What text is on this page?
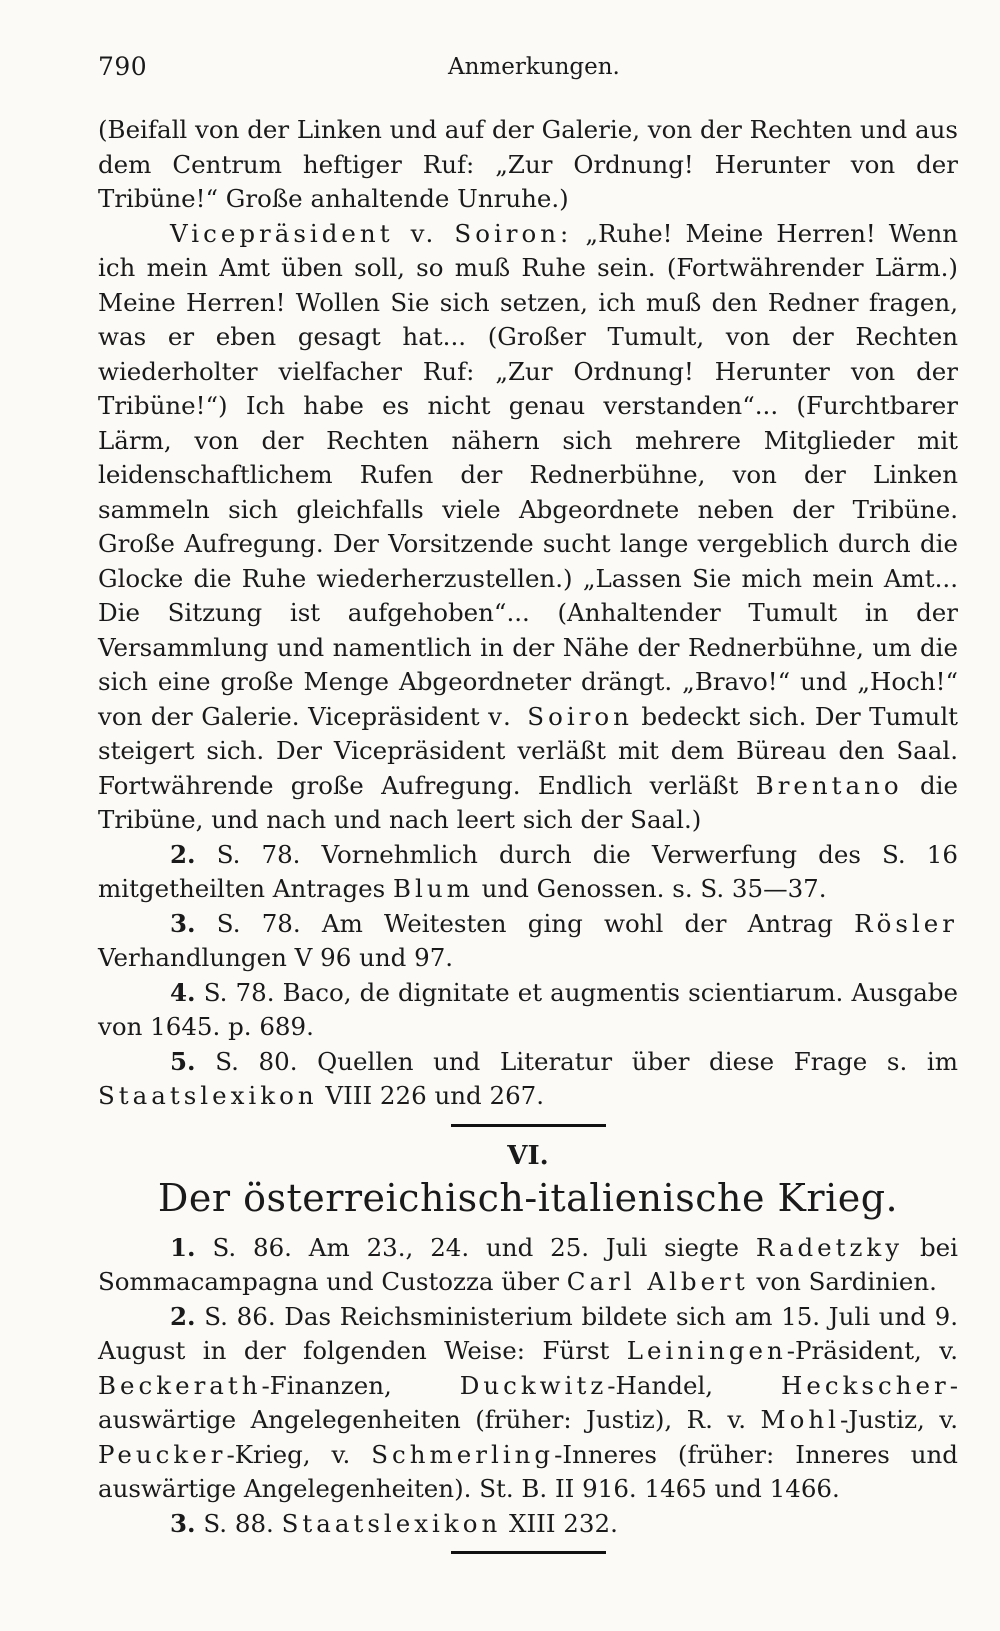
790	Anmerkungen.

(Beifall von der Linken und auf der Galerie, von der Rechten und aus dem Centrum heftiger Ruf: „Zur Ordnung! Herunter von der Tribüne!“ Große anhaltende Unruhe.)

Vicepräsident v. Soiron: „Ruhe! Meine Herren! Wenn ich mein Amt üben soll, so muß Ruhe sein. (Fortwährender Lärm.) Meine Herren! Wollen Sie sich setzen, ich muß den Redner fragen, was er eben gesagt hat... (Großer Tumult, von der Rechten wiederholter vielfacher Ruf: „Zur Ordnung! Herunter von der Tribüne!“) Ich habe es nicht genau verstanden“... (Furchtbarer Lärm, von der Rechten nähern sich mehrere Mitglieder mit leidenschaftlichem Rufen der Rednerbühne, von der Linken sammeln sich gleichfalls viele Abgeordnete neben der Tribüne. Große Aufregung. Der Vorsitzende sucht lange vergeblich durch die Glocke die Ruhe wiederherzustellen.) „Lassen Sie mich mein Amt... Die Sitzung ist aufgehoben“... (Anhaltender Tumult in der Versammlung und namentlich in der Nähe der Rednerbühne, um die sich eine große Menge Abgeordneter drängt. „Bravo!“ und „Hoch!“ von der Galerie. Vicepräsident v. Soiron bedeckt sich. Der Tumult steigert sich. Der Vicepräsident verläßt mit dem Büreau den Saal. Fortwährende große Aufregung. Endlich verläßt Brentano die Tribüne, und nach und nach leert sich der Saal.)

2. S. 78. Vornehmlich durch die Verwerfung des S. 16 mitgetheilten Antrages Blum und Genossen. s. S. 35—37.

3. S. 78. Am Weitesten ging wohl der Antrag Rösler Verhandlungen V 96 und 97.

4. S. 78. Baco, de dignitate et augmentis scientiarum. Ausgabe von 1645. p. 689.

5. S. 80. Quellen und Literatur über diese Frage s. im Staatslexikon VIII 226 und 267.

VI.

Der österreichisch-italienische Krieg.

1. S. 86. Am 23., 24. und 25. Juli siegte Radetzky bei Sommacampagna und Custozza über Carl Albert von Sardinien.

2. S. 86. Das Reichsministerium bildete sich am 15. Juli und 9. August in der folgenden Weise: Fürst Leiningen-Präsident, v. Beckerath-Finanzen, Duckwitz-Handel, Heckscher-auswärtige Angelegenheiten (früher: Justiz), R. v. Mohl-Justiz, v. Peucker-Krieg, v. Schmerling-Inneres (früher: Inneres und auswärtige Angelegenheiten). St. B. II 916. 1465 und 1466.

3. S. 88. Staatslexikon XIII 232.
